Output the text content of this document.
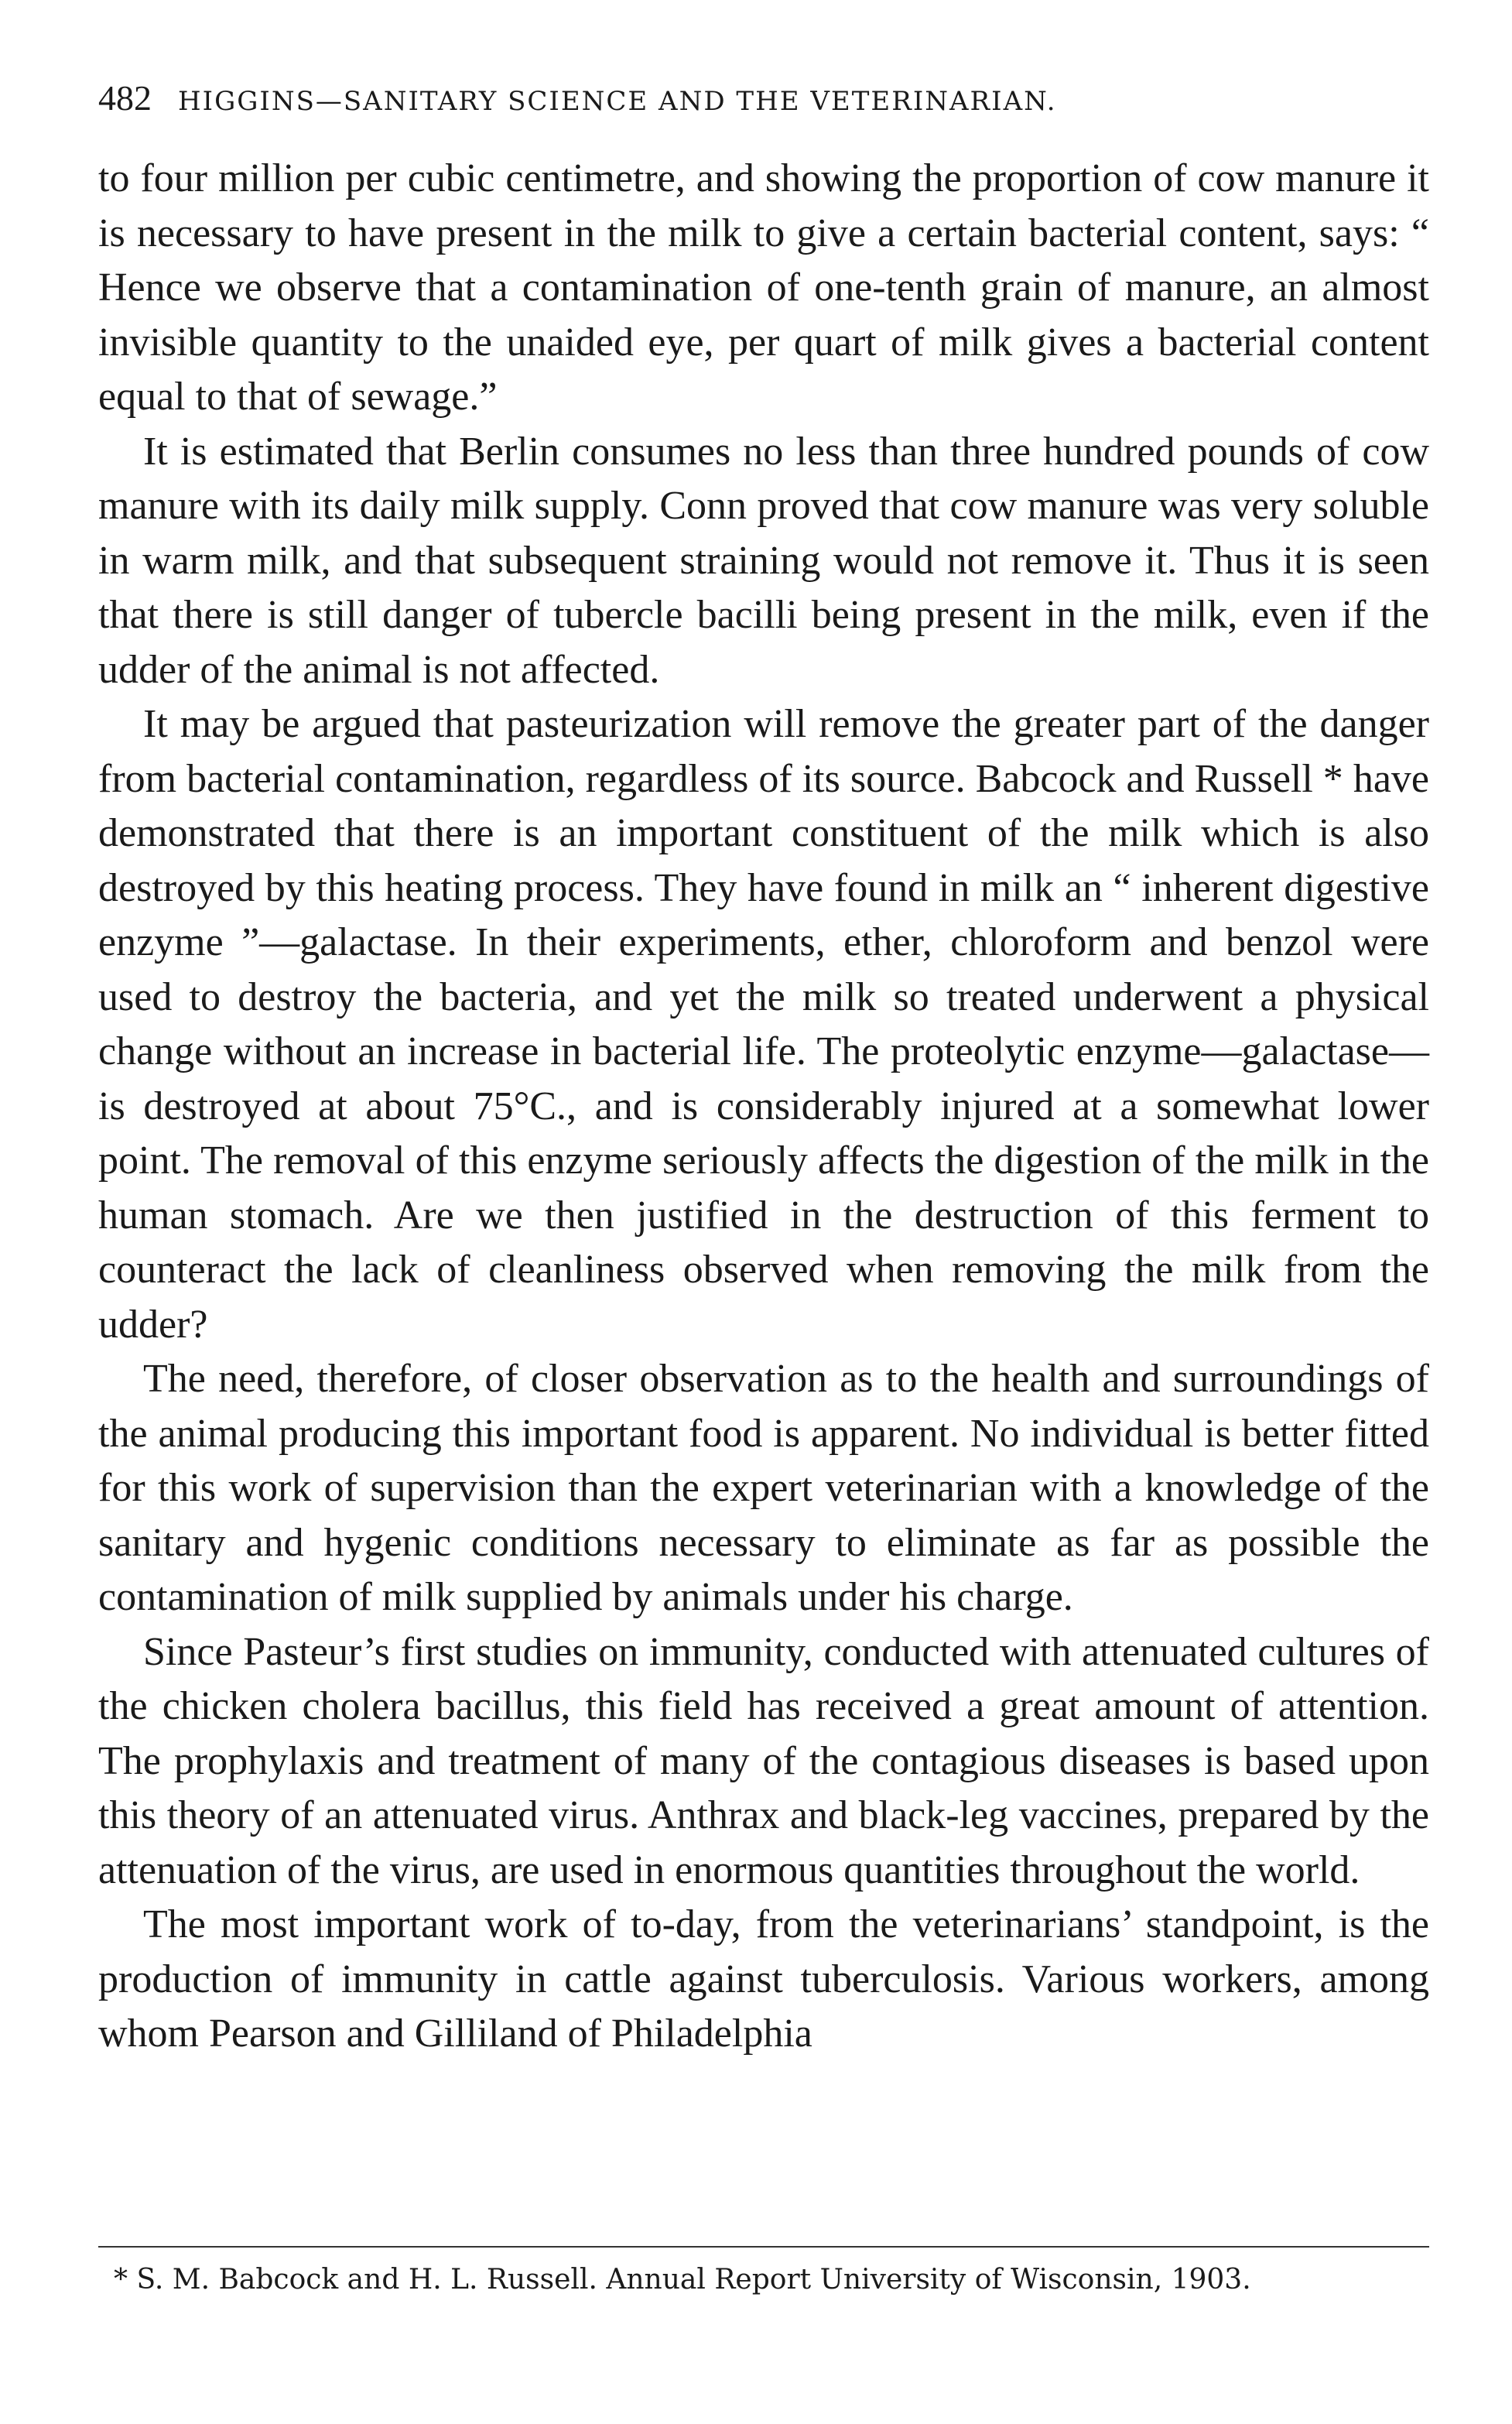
482 HIGGINS—SANITARY SCIENCE AND THE VETERINARIAN.

to four million per cubic centimetre, and showing the proportion of cow manure it is necessary to have present in the milk to give a certain bacterial content, says: “ Hence we observe that a contamination of one-tenth grain of manure, an almost invisible quantity to the unaided eye, per quart of milk gives a bacterial content equal to that of sewage.”

It is estimated that Berlin consumes no less than three hundred pounds of cow manure with its daily milk supply. Conn proved that cow manure was very soluble in warm milk, and that subsequent straining would not remove it. Thus it is seen that there is still danger of tubercle bacilli being present in the milk, even if the udder of the animal is not affected.

It may be argued that pasteurization will remove the greater part of the danger from bacterial contamination, regardless of its source. Babcock and Russell * have demonstrated that there is an important constituent of the milk which is also destroyed by this heating process. They have found in milk an “ inherent digestive enzyme ”—galactase. In their experiments, ether, chloroform and benzol were used to destroy the bacteria, and yet the milk so treated underwent a physical change without an increase in bacterial life. The proteolytic enzyme—galactase—is destroyed at about 75°C., and is considerably injured at a somewhat lower point. The removal of this enzyme seriously affects the digestion of the milk in the human stomach. Are we then justified in the destruction of this ferment to counteract the lack of cleanliness observed when removing the milk from the udder?

The need, therefore, of closer observation as to the health and surroundings of the animal producing this important food is apparent. No individual is better fitted for this work of supervision than the expert veterinarian with a knowledge of the sanitary and hygenic conditions necessary to eliminate as far as possible the contamination of milk supplied by animals under his charge.

Since Pasteur’s first studies on immunity, conducted with attenuated cultures of the chicken cholera bacillus, this field has received a great amount of attention. The prophylaxis and treatment of many of the contagious diseases is based upon this theory of an attenuated virus. Anthrax and black-leg vaccines, prepared by the attenuation of the virus, are used in enormous quantities throughout the world.

The most important work of to-day, from the veterinarians’ standpoint, is the production of immunity in cattle against tuberculosis. Various workers, among whom Pearson and Gilliland of Philadelphia

* S. M. Babcock and H. L. Russell. Annual Report University of Wisconsin, 1903.
